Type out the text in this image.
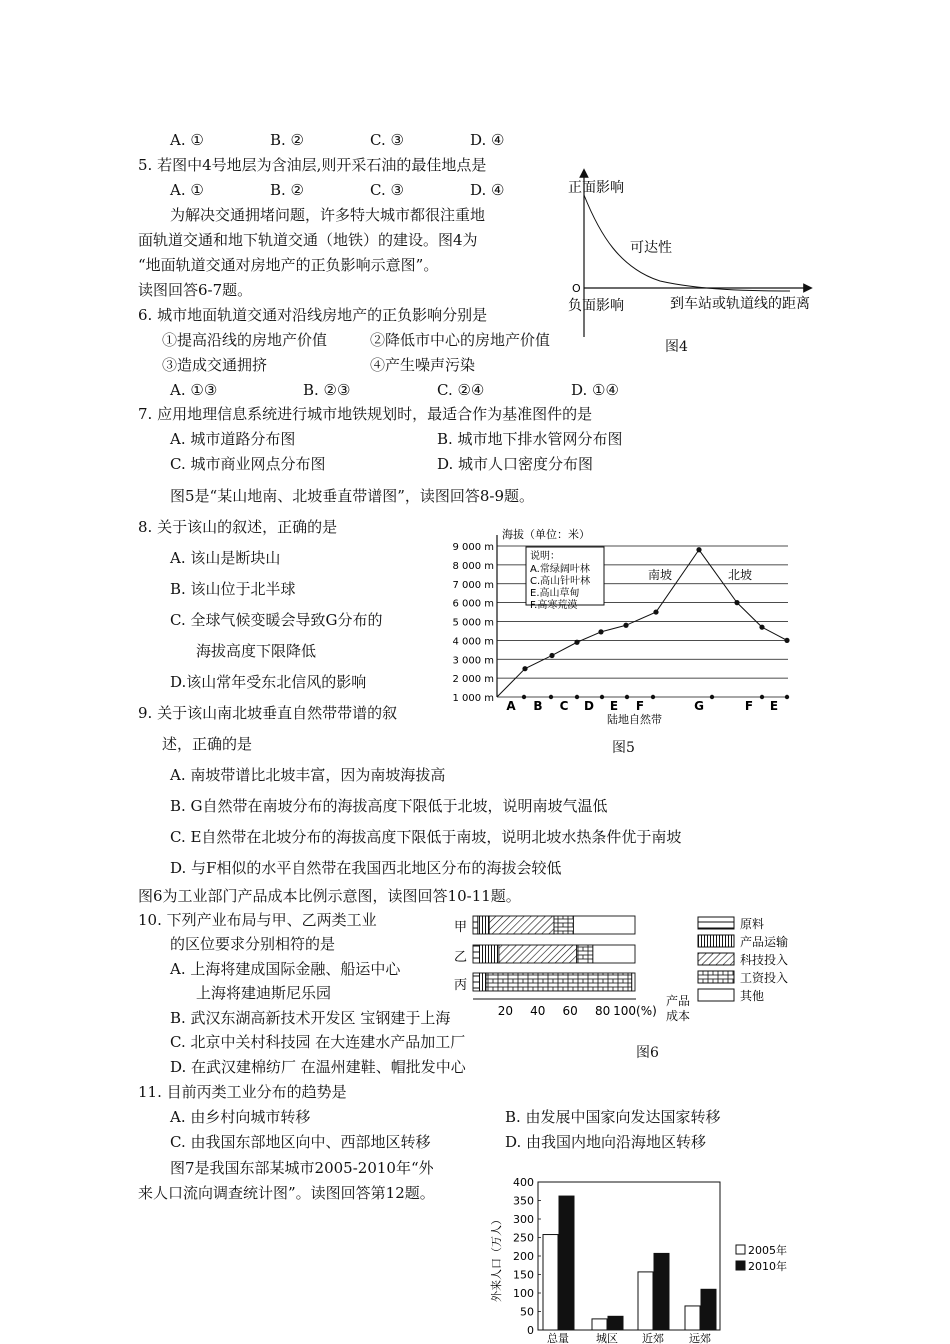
A. ①	B. ②	C. ③	D. ④
5. 若图中4号地层为含油层,则开采石油的最佳地点是
A. ①	B. ②	C. ③	D. ④
为解决交通拥堵问题，许多特大城市都很注重地
面轨道交通和地下轨道交通（地铁）的建设。图4为
“地面轨道交通对房地产的正负影响示意图”。
读图回答6-7题。
6. 城市地面轨道交通对沿线房地产的正负影响分别是
①提高沿线的房地产价值	②降低市中心的房地产价值
③造成交通拥挤	④产生噪声污染
A. ①③	B. ②③	C. ②④	D. ①④
7. 应用地理信息系统进行城市地铁规划时，最适合作为基准图件的是
A. 城市道路分布图	B. 城市地下排水管网分布图
C. 城市商业网点分布图	D. 城市人口密度分布图
图5是“某山地南、北坡垂直带谱图”，读图回答8-9题。
8. 关于该山的叙述，正确的是
A. 该山是断块山
B. 该山位于北半球
C. 全球气候变暖会导致G分布的
海拔高度下限降低
D.该山常年受东北信风的影响
9. 关于该山南北坡垂直自然带带谱的叙
述，正确的是
A. 南坡带谱比北坡丰富，因为南坡海拔高
B. G自然带在南坡分布的海拔高度下限低于北坡，说明南坡气温低
C. E自然带在北坡分布的海拔高度下限低于南坡，说明北坡水热条件优于南坡
D. 与F相似的水平自然带在我国西北地区分布的海拔会较低
图6为工业部门产品成本比例示意图，读图回答10-11题。
10. 下列产业布局与甲、乙两类工业
的区位要求分别相符的是
A. 上海将建成国际金融、船运中心
上海将建迪斯尼乐园
B. 武汉东湖高新技术开发区 宝钢建于上海
C. 北京中关村科技园 在大连建水产品加工厂
D. 在武汉建棉纺厂 在温州建鞋、帽批发中心
11. 目前丙类工业分布的趋势是
A. 由乡村向城市转移	B. 由发展中国家向发达国家转移
C. 由我国东部地区向中、西部地区转移	D. 由我国内地向沿海地区转移
图7是我国东部某城市2005-2010年“外
来人口流向调查统计图”。读图回答第12题。
正面影响
O
负面影响
可达性
到车站或轨道线的距离
图4
海拔（单位：米）
9 000 m
8 000 m
7 000 m
6 000 m
5 000 m
4 000 m
3 000 m
2 000 m
1 000 m
说明：
A.常绿阔叶林
C.高山针叶林
E.高山草甸
F.高寒荒漠
南坡	北坡
A B C D E F	G	F E
陆地自然带
图5
甲
乙
丙
20 40 60 80 100(%)
产品
成本
原料
产品运输
科技投入
工资投入
其他
图6
外来人口（万人）
400
350
300
250
200
150
100
50
0
总量 城区 近郊 远郊
2005年
2010年
